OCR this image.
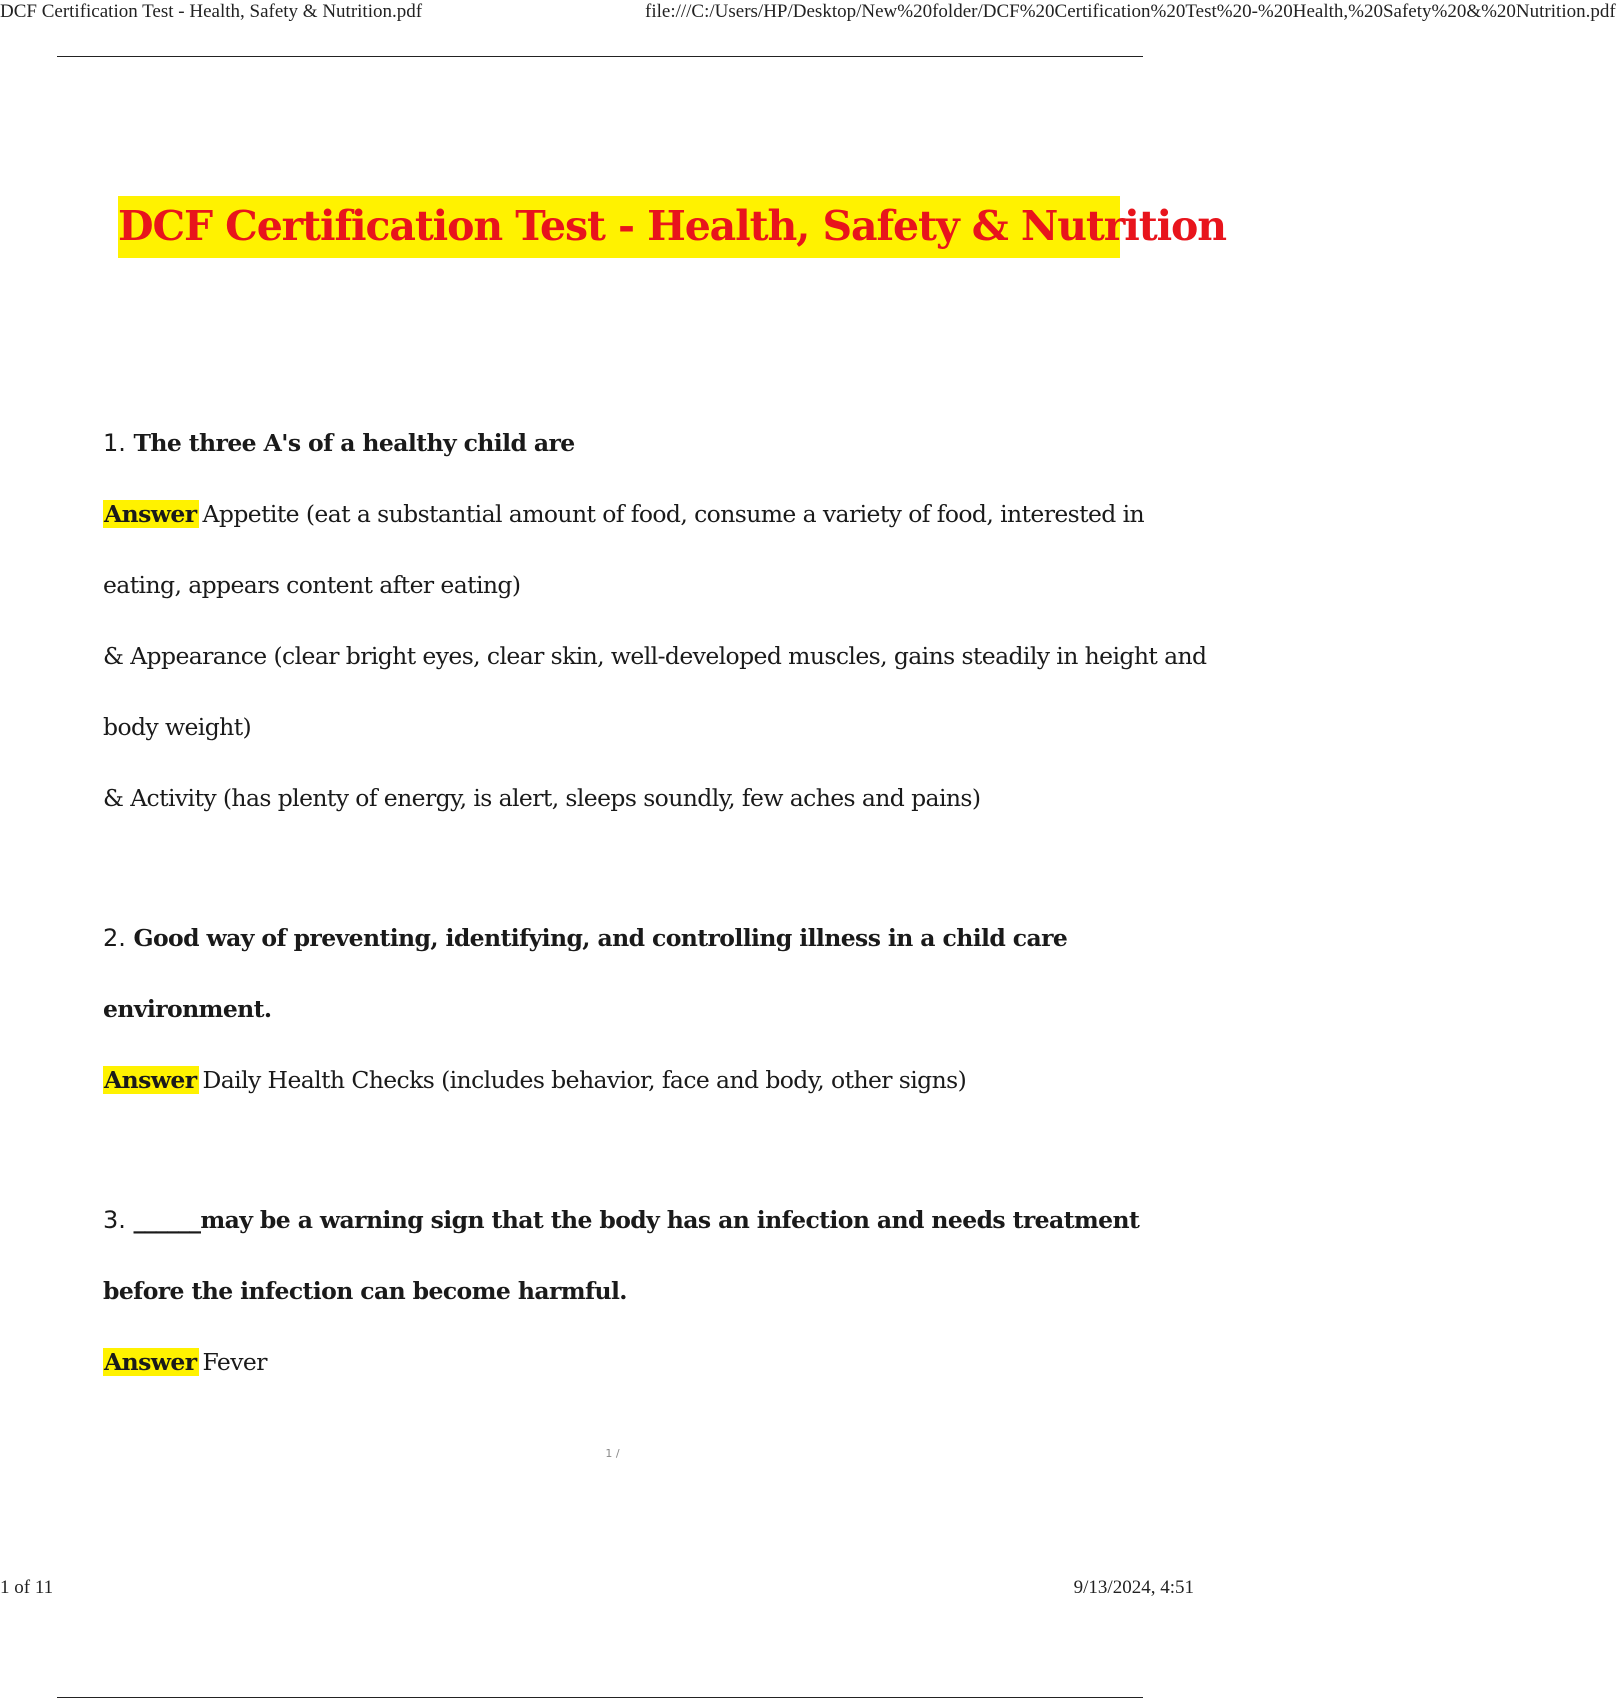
DCF Certification Test - Health, Safety & Nutrition.pdf	file:///C:/Users/HP/Desktop/New%20folder/DCF%20Certification%20Test%20-%20Health,%20Safety%20&%20Nutrition.pdf
DCF Certification Test - Health, Safety & Nutrition
1. The three A's of a healthy child are
Answer Appetite (eat a substantial amount of food, consume a variety of food, interested in
eating, appears content after eating)
& Appearance (clear bright eyes, clear skin, well-developed muscles, gains steadily in height and
body weight)
& Activity (has plenty of energy, is alert, sleeps soundly, few aches and pains)
2. Good way of preventing, identifying, and controlling illness in a child care
environment.
Answer Daily Health Checks (includes behavior, face and body, other signs)
3. ______may be a warning sign that the body has an infection and needs treatment
before the infection can become harmful.
Answer Fever
1 /
1 of 11	9/13/2024, 4:51
